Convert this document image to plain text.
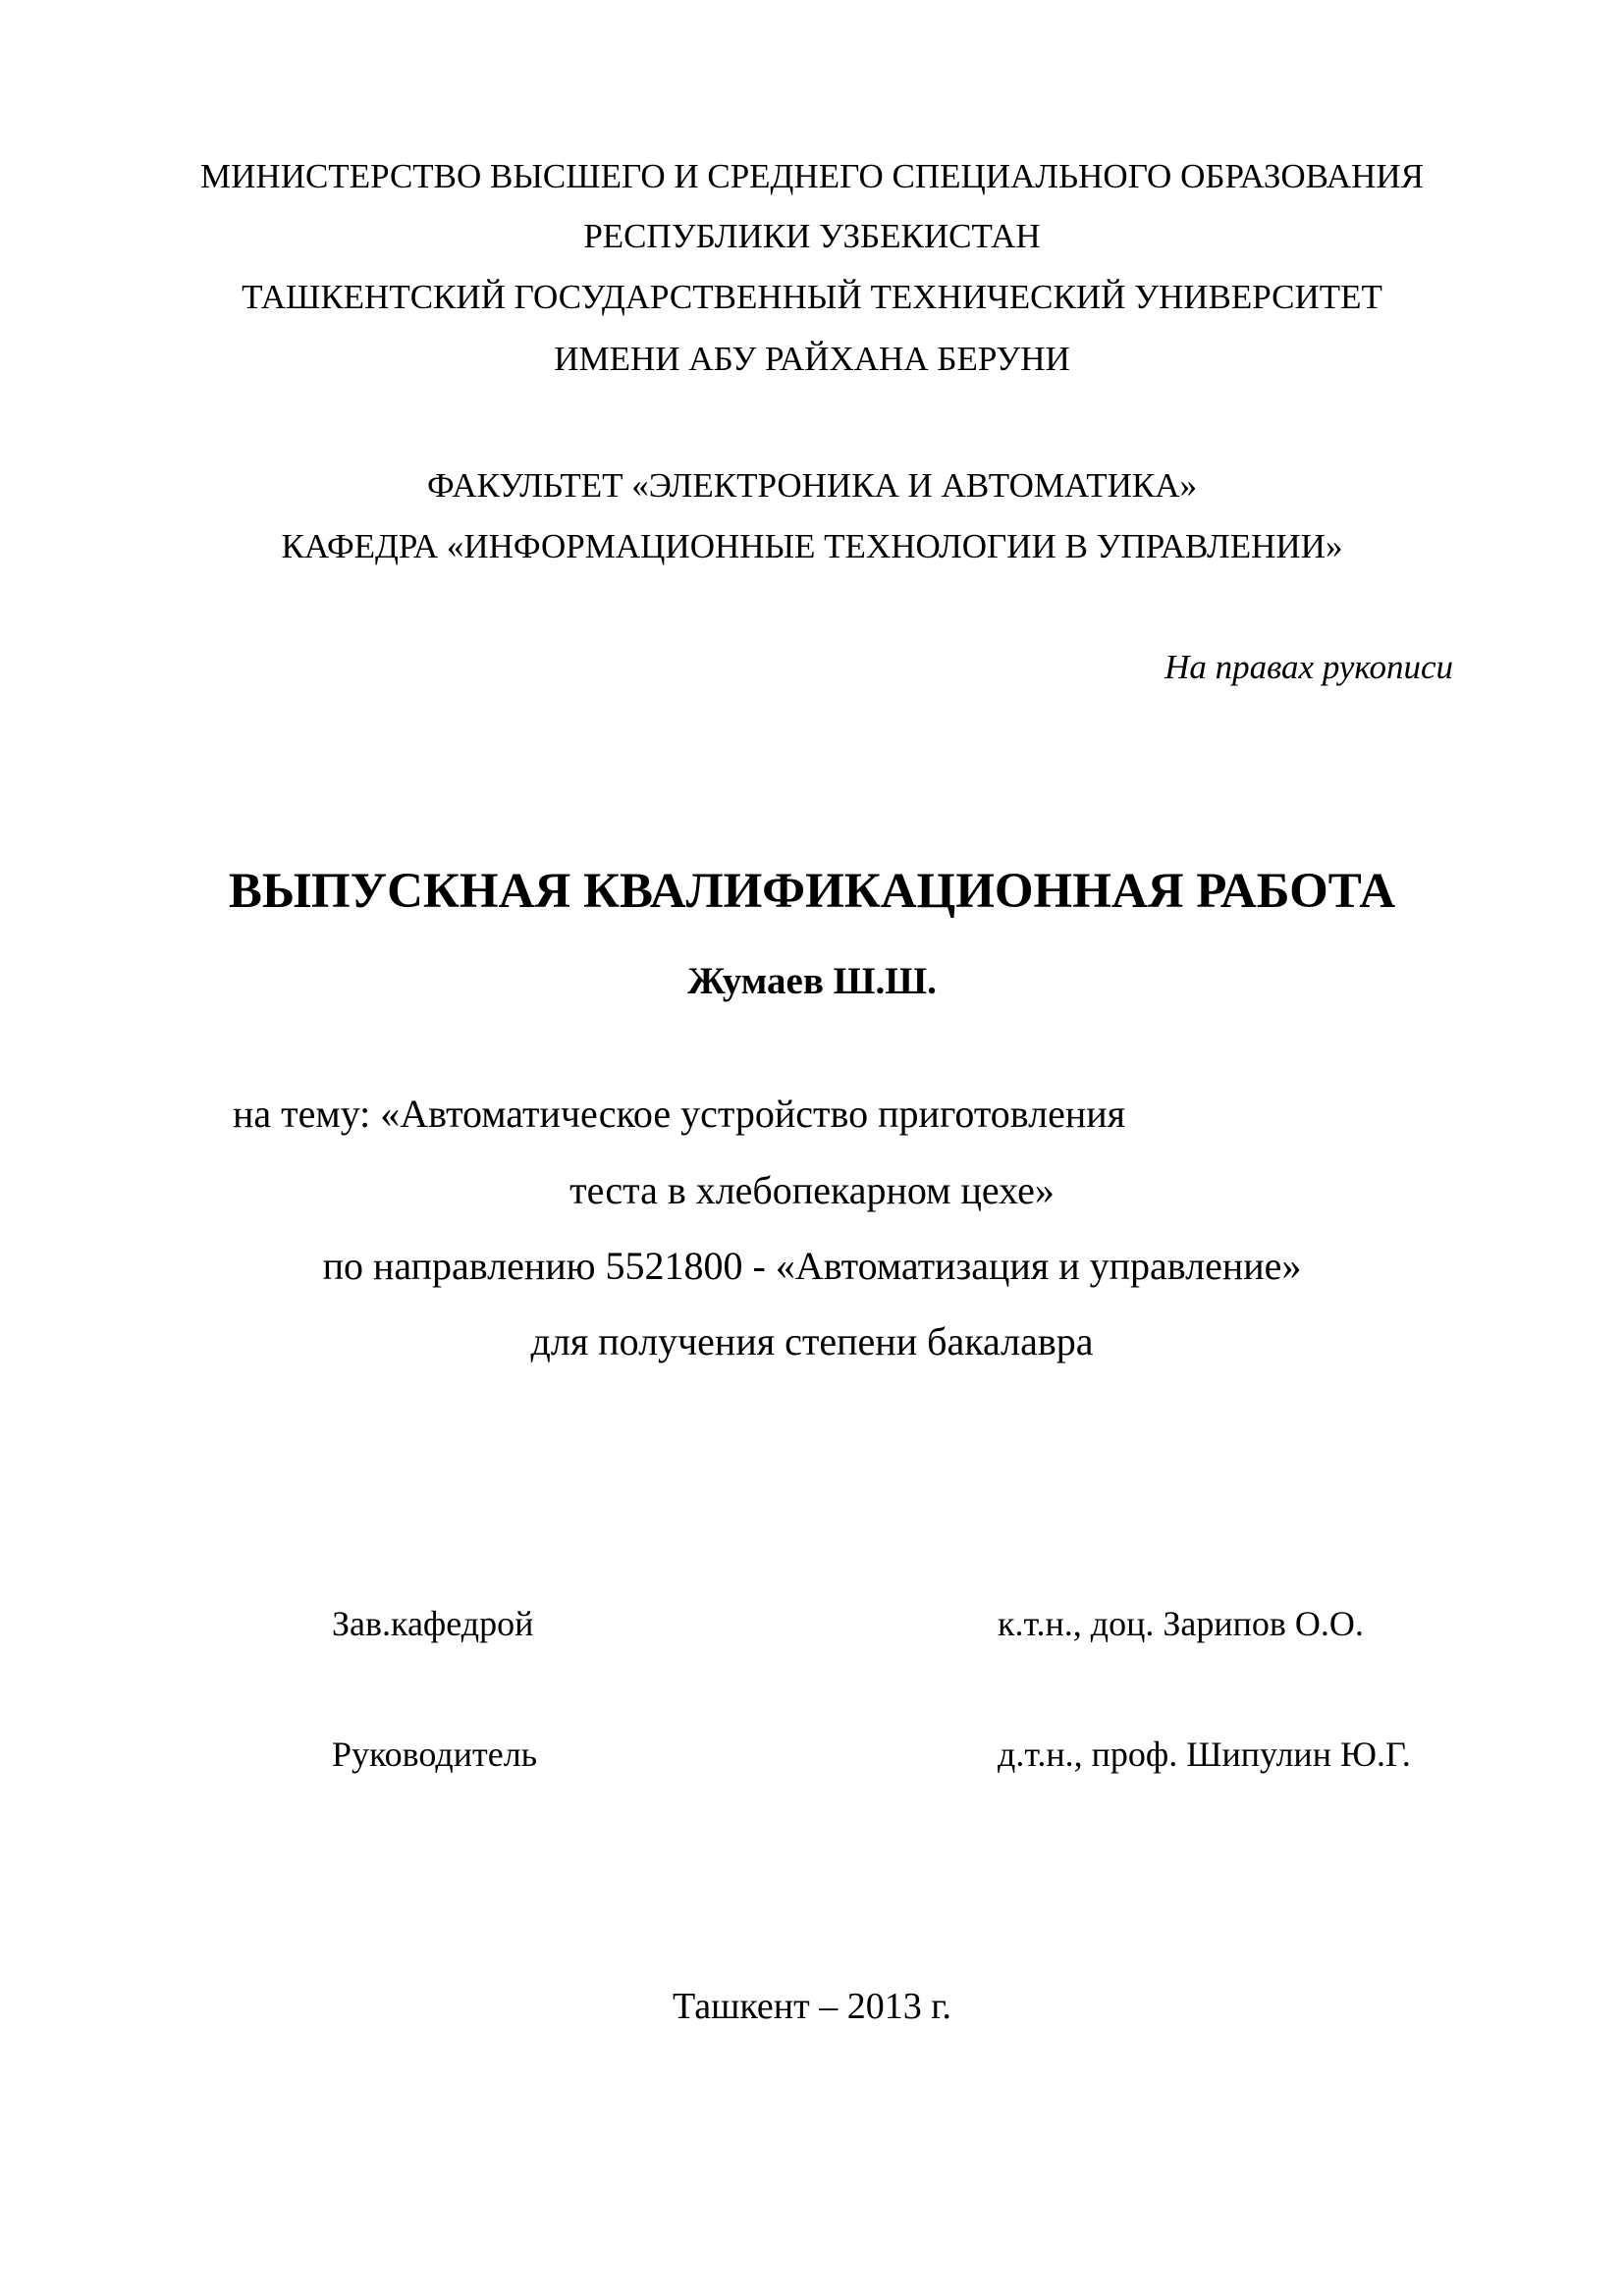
МИНИСТЕРСТВО ВЫСШЕГО И СРЕДНЕГО СПЕЦИАЛЬНОГО ОБРАЗОВАНИЯ
РЕСПУБЛИКИ УЗБЕКИСТАН
ТАШКЕНТСКИЙ ГОСУДАРСТВЕННЫЙ ТЕХНИЧЕСКИЙ УНИВЕРСИТЕТ
ИМЕНИ АБУ РАЙХАНА БЕРУНИ
ФАКУЛЬТЕТ «ЭЛЕКТРОНИКА И АВТОМАТИКА»
КАФЕДРА «ИНФОРМАЦИОННЫЕ ТЕХНОЛОГИИ В УПРАВЛЕНИИ»
На правах рукописи
ВЫПУСКНАЯ КВАЛИФИКАЦИОННАЯ РАБОТА
Жумаев Ш.Ш.
на тему: «Автоматическое устройство приготовления
теста в хлебопекарном цехе»
по направлению 5521800 - «Автоматизация и управление»
для получения степени бакалавра
Зав.кафедрой	к.т.н., доц. Зарипов О.О.
Руководитель	д.т.н., проф. Шипулин Ю.Г.
Ташкент – 2013 г.
